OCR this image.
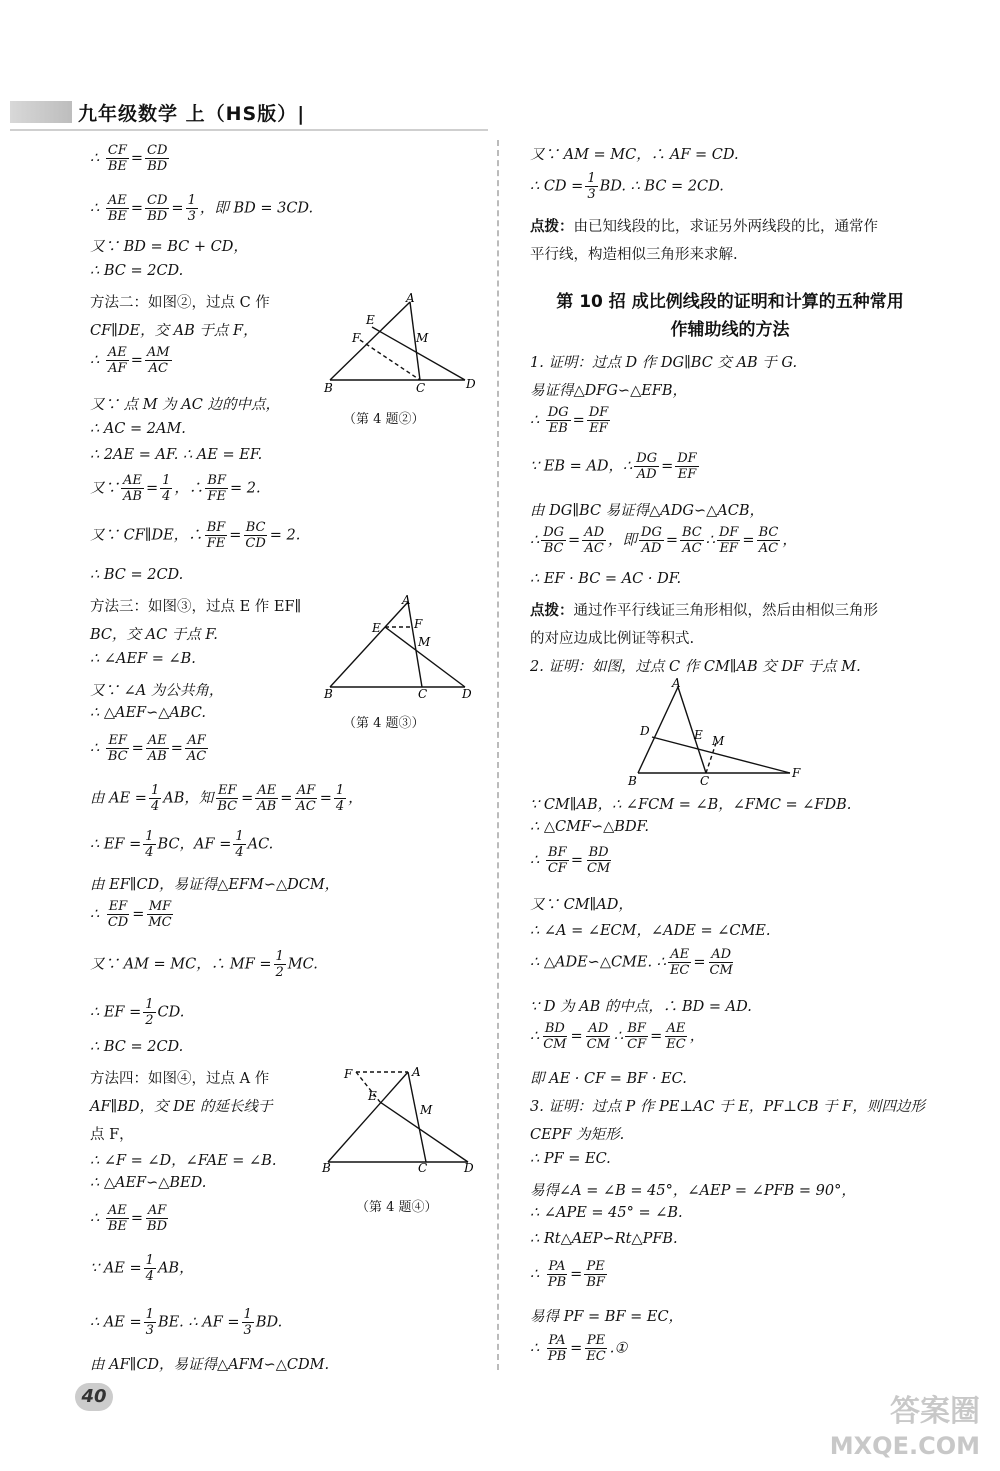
九年级数学 上（HS版）|
∴ $\frac{CF}{BE} = \frac{CD}{BD}$
∴ $\frac{AE}{BE} = \frac{CD}{BD} = \frac{1}{3}$ ，即 BD = 3CD.
又∵ BD = BC + CD，
∴ BC = 2CD.
方法二：如图②，过点 C 作
CF∥DE，交 AB 于点 F，
∴ $\frac{AE}{AF} = \frac{AM}{AC}$
又∵ 点 M 为 AC 边的中点，
∴ AC = 2AM.
∴ 2AE = AF. ∴ AE = EF.
又∵ $\frac{AE}{AB} = \frac{1}{4}$ ，∴ $\frac{BF}{FE} = 2$.
又∵ CF∥DE，∴ $\frac{BF}{FE} = \frac{BC}{CD} = 2$.
∴ BC = 2CD.
方法三：如图③，过点 E 作 EF∥
BC，交 AC 于点 F.
∴ ∠AEF = ∠B.
又∵ ∠A 为公共角，
∴ △AEF∽△ABC.
∴ $\frac{EF}{BC} = \frac{AE}{AB} = \frac{AF}{AC}$
由 AE = $\frac{1}{4}$ AB，知 $\frac{EF}{BC} = \frac{AE}{AB} = \frac{AF}{AC} = \frac{1}{4}$ ，
∴ EF = $\frac{1}{4}$ BC，AF = $\frac{1}{4}$ AC.
由 EF∥CD，易证得△EFM∽△DCM，
∴ $\frac{EF}{CD} = \frac{MF}{MC}$
又∵ AM = MC，∴ MF = $\frac{1}{2}$ MC.
∴ EF = $\frac{1}{2}$ CD.
∴ BC = 2CD.
方法四：如图④，过点 A 作
AF∥BD，交 DE 的延长线于
点 F，
∴ ∠F = ∠D，∠FAE = ∠B.
∴ △AEF∽△BED.
∴ $\frac{AE}{BE} = \frac{AF}{BD}$
∵ AE = $\frac{1}{4}$ AB，
∴ AE = $\frac{1}{3}$ BE. ∴ AF = $\frac{1}{3}$ BD.
由 AF∥CD，易证得△AFM∽△CDM.
A
E
F	M
B	C	D
（第 4 题②）
A
E	F
M
B	C	D
（第 4 题③）
F	A
E
M
B	C	D
（第 4 题④）
又∵ AM = MC，∴ AF = CD.
∴ CD = $\frac{1}{3}$ BD. ∴ BC = 2CD.
点拨：由已知线段的比，求证另外两线段的比，通常作
平行线，构造相似三角形来求解.
第 10 招 成比例线段的证明和计算的五种常用
作辅助线的方法
1. 证明：过点 D 作 DG∥BC 交 AB 于 G.
易证得△DFG∽△EFB，
∴ $\frac{DG}{EB} = \frac{DF}{EF}$
∵ EB = AD，∴ $\frac{DG}{AD} = \frac{DF}{EF}$
由 DG∥BC 易证得△ADG∽△ACB，
∴ $\frac{DG}{BC} = \frac{AD}{AC}$ ，即 $\frac{DG}{AD} = \frac{BC}{AC}$ ∴ $\frac{DF}{EF} = \frac{BC}{AC}$ ，
∴ EF · BC = AC · DF.
点拨：通过作平行线证三角形相似，然后由相似三角形
的对应边成比例证等积式.
2. 证明：如图，过点 C 作 CM∥AB 交 DF 于点 M.
∵ CM∥AB，∴ ∠FCM = ∠B，∠FMC = ∠FDB.
∴ △CMF∽△BDF.
∴ $\frac{BF}{CF} = \frac{BD}{CM}$
又∵ CM∥AD，
∴ ∠A = ∠ECM，∠ADE = ∠CME.
∴ △ADE∽△CME. ∴ $\frac{AE}{EC} = \frac{AD}{CM}$
∵ D 为 AB 的中点，∴ BD = AD.
∴ $\frac{BD}{CM} = \frac{AD}{CM}$ ∴ $\frac{BF}{CF} = \frac{AE}{EC}$ ，
即 AE · CF = BF · EC.
3. 证明：过点 P 作 PE⊥AC 于 E，PF⊥CB 于 F，则四边形
CEPF 为矩形.
∴ PF = EC.
易得∠A = ∠B = 45°，∠AEP = ∠PFB = 90°，
∴ ∠APE = 45° = ∠B.
∴ Rt△AEP∽Rt△PFB.
∴ $\frac{PA}{PB} = \frac{PE}{BF}$
易得 PF = BF = EC，
∴ $\frac{PA}{PB} = \frac{PE}{EC}$ .①
A
D	E M
B	C
F
40	答案圈
MXQE.COM
